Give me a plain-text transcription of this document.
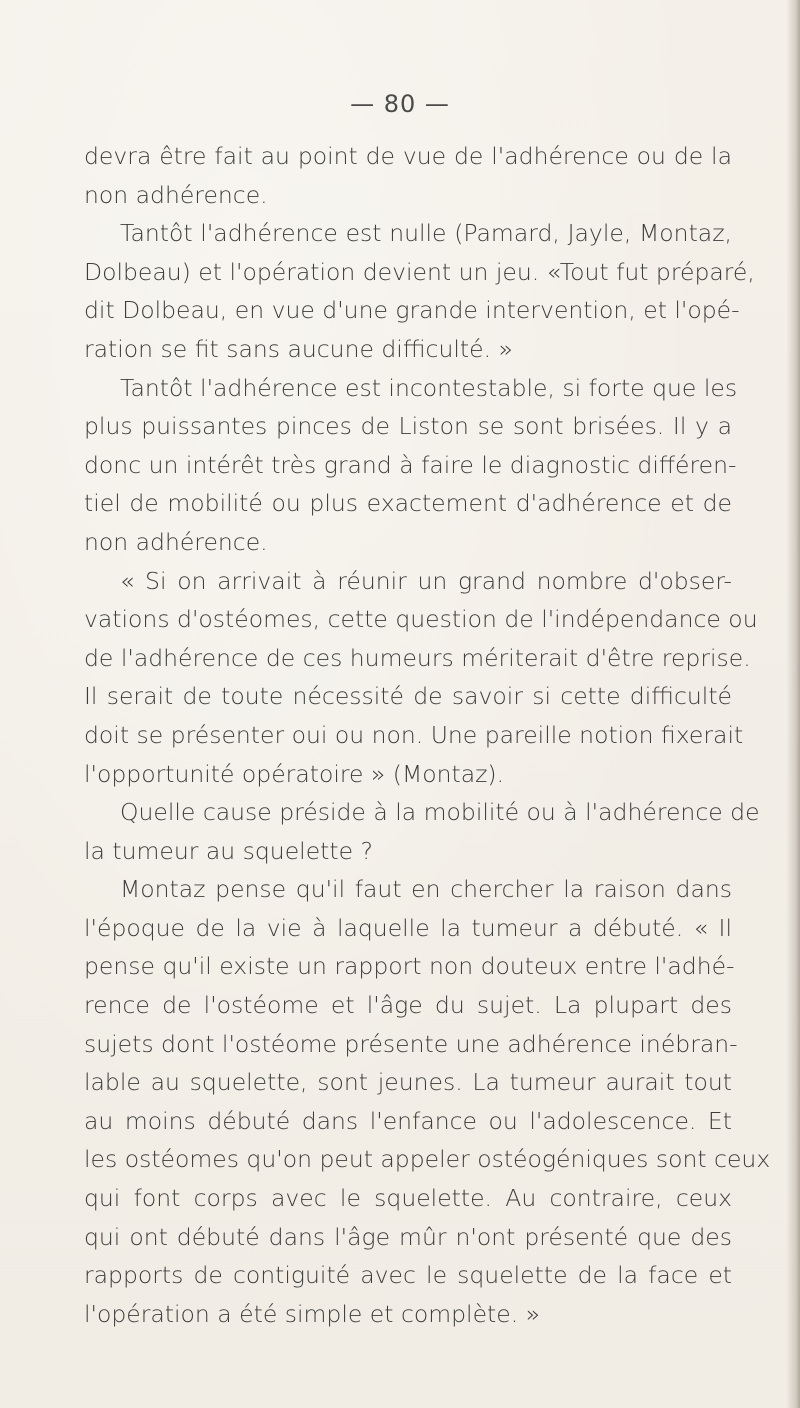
— 80 —
devra être fait au point de vue de l'adhérence ou de la
non adhérence.
Tantôt l'adhérence est nulle (Pamard, Jayle, Montaz,
Dolbeau) et l'opération devient un jeu. «Tout fut préparé,
dit Dolbeau, en vue d'une grande intervention, et l'opé-
ration se fit sans aucune difficulté. »
Tantôt l'adhérence est incontestable, si forte que les
plus puissantes pinces de Liston se sont brisées. Il y a
donc un intérêt très grand à faire le diagnostic différen-
tiel de mobilité ou plus exactement d'adhérence et de
non adhérence.
« Si on arrivait à réunir un grand nombre d'obser-
vations d'ostéomes, cette question de l'indépendance ou
de l'adhérence de ces humeurs mériterait d'être reprise.
Il serait de toute nécessité de savoir si cette difficulté
doit se présenter oui ou non. Une pareille notion fixerait
l'opportunité opératoire » (Montaz).
Quelle cause préside à la mobilité ou à l'adhérence de
la tumeur au squelette ?
Montaz pense qu'il faut en chercher la raison dans
l'époque de la vie à laquelle la tumeur a débuté. « Il
pense qu'il existe un rapport non douteux entre l'adhé-
rence de l'ostéome et l'âge du sujet. La plupart des
sujets dont l'ostéome présente une adhérence inébran-
lable au squelette, sont jeunes. La tumeur aurait tout
au moins débuté dans l'enfance ou l'adolescence. Et
les ostéomes qu'on peut appeler ostéogéniques sont ceux
qui font corps avec le squelette. Au contraire, ceux
qui ont débuté dans l'âge mûr n'ont présenté que des
rapports de contiguité avec le squelette de la face et
l'opération a été simple et complète. »
